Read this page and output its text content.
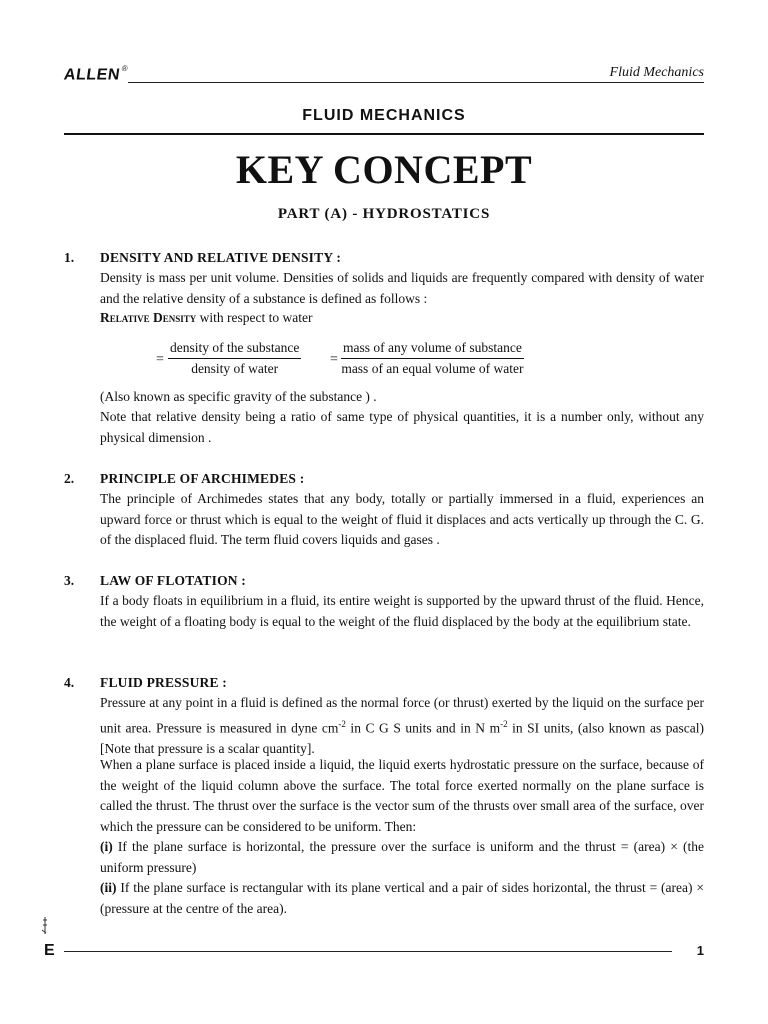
ALLEN®	Fluid Mechanics
FLUID MECHANICS
KEY CONCEPT
PART (A) - HYDROSTATICS
1. DENSITY AND RELATIVE DENSITY :
Density is mass per unit volume. Densities of solids and liquids are frequently compared with density of water and the relative density of a substance is defined as follows :
Relative Density with respect to water
=
density of the substance
density of water
=
mass of any volume of substance
mass of an equal volume of water
(Also known as specific gravity of the substance ) .
Note that relative density being a ratio of same type of physical quantities, it is a number only, without any physical dimension .
2. PRINCIPLE OF ARCHIMEDES :
The principle of Archimedes states that any body, totally or partially immersed in a fluid, experiences an upward force or thrust which is equal to the weight of fluid it displaces and acts vertically up through the C. G. of the displaced fluid. The term fluid covers liquids and gases .
3. LAW OF FLOTATION :
If a body floats in equilibrium in a fluid, its entire weight is supported by the upward thrust of the fluid. Hence, the weight of a floating body is equal to the weight of the fluid displaced by the body at the equilibrium state.
4. FLUID PRESSURE :
Pressure at any point in a fluid is defined as the normal force (or thrust) exerted by the liquid on the surface per unit area. Pressure is measured in dyne $cm^{-2}$ in C G S units and in N $m^{-2}$ in SI units, (also known as pascal) [Note that pressure is a scalar quantity].
When a plane surface is placed inside a liquid, the liquid exerts hydrostatic pressure on the surface, because of the weight of the liquid column above the surface. The total force exerted normally on the plane surface is called the thrust. The thrust over the surface is the vector sum of the thrusts over small area of the surface, over which the pressure can be considered to be uniform. Then:
(i) If the plane surface is horizontal, the pressure over the surface is uniform and the thrust = (area) × (the uniform pressure)
(ii) If the plane surface is rectangular with its plane vertical and a pair of sides horizontal, the thrust = (area) × (pressure at the centre of the area).
E	1
